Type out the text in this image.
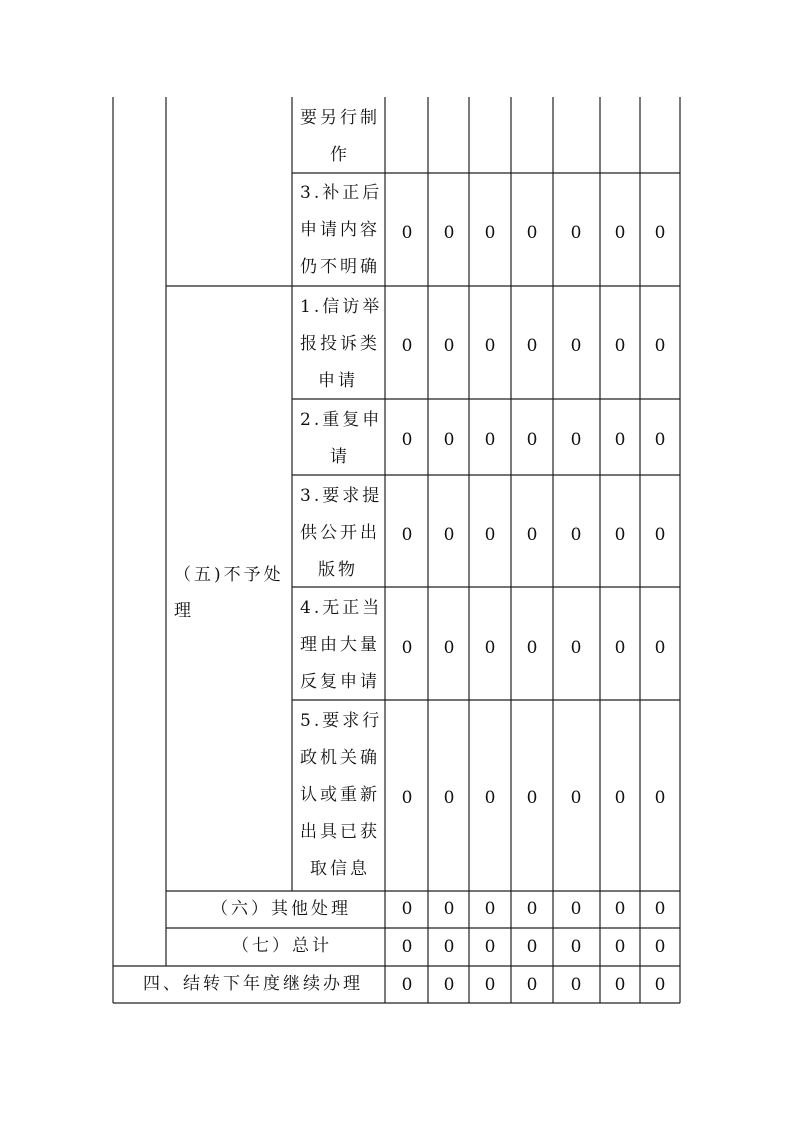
要另行制
作
3.补正后
申请内容
仍不明确
0	0	0	0	0	0	0
（五)不予处
理
1.信访举
报投诉类
申请
0	0	0	0	0	0	0
2.重复申
请
0	0	0	0	0	0	0
3.要求提
供公开出
版物
0	0	0	0	0	0	0
4.无正当
理由大量
反复申请
0	0	0	0	0	0	0
5.要求行
政机关确
认或重新
出具已获
取信息
0	0	0	0	0	0	0
（六）其他处理	0	0	0	0	0	0	0
（七）总计	0	0	0	0	0	0	0
四、结转下年度继续办理	0	0	0	0	0	0	0
